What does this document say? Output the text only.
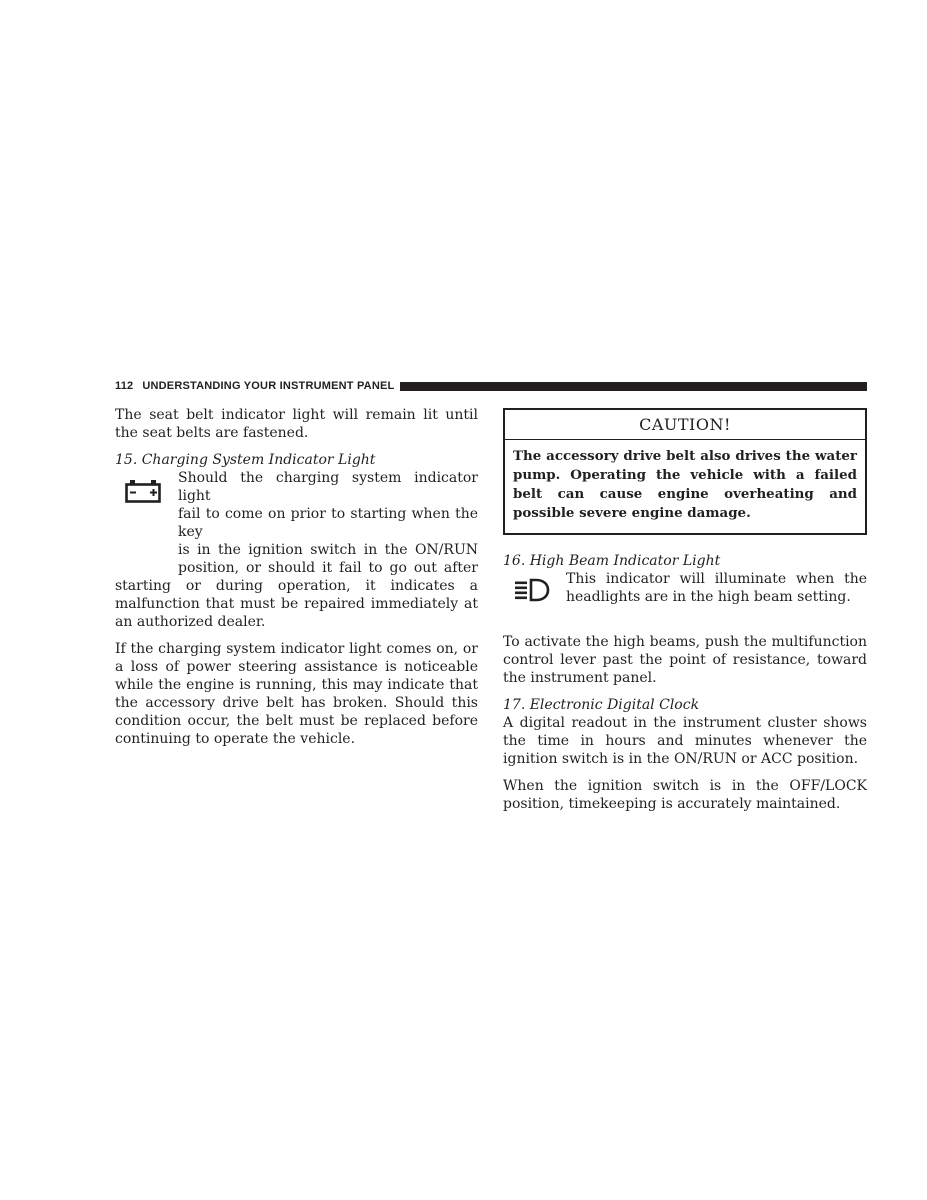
112 UNDERSTANDING YOUR INSTRUMENT PANEL

The seat belt indicator light will remain lit until the seat belts are fastened.

15. Charging System Indicator Light

Should the charging system indicator light

fail to come on prior to starting when the key

is in the ignition switch in the ON/RUN

position, or should it fail to go out after

starting or during operation, it indicates a malfunction that must be repaired immediately at an authorized dealer.

If the charging system indicator light comes on, or a loss of power steering assistance is noticeable while the engine is running, this may indicate that the accessory drive belt has broken. Should this condition occur, the belt must be replaced before continuing to operate the vehicle.

CAUTION!
The accessory drive belt also drives the water pump. Operating the vehicle with a failed belt can cause engine overheating and possible severe engine damage.
16. High Beam Indicator Light

This indicator will illuminate when the headlights are in the high beam setting.

To activate the high beams, push the multifunction control lever past the point of resistance, toward the instrument panel.

17. Electronic Digital Clock

A digital readout in the instrument cluster shows the time in hours and minutes whenever the ignition switch is in the ON/RUN or ACC position.

When the ignition switch is in the OFF/LOCK position, timekeeping is accurately maintained.
